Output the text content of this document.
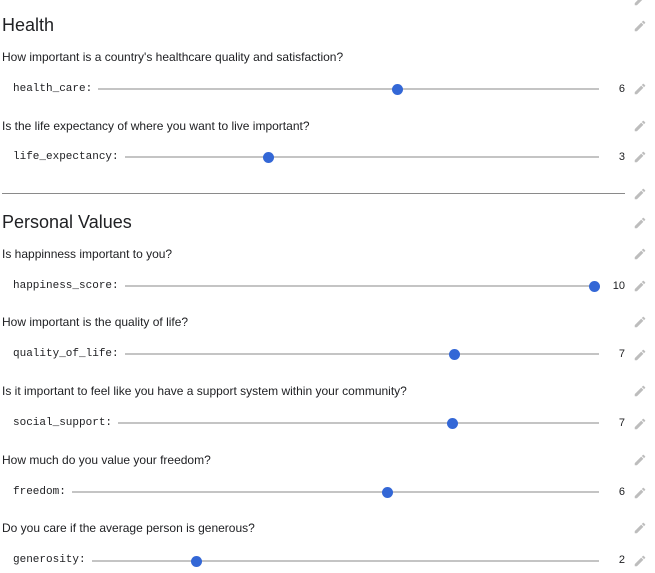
Health
How important is a country's healthcare quality and satisfaction?
health_care:	6
Is the life expectancy of where you want to live important?
life_expectancy:	3
Personal Values
Is happinness important to you?
happiness_score:	10
How important is the quality of life?
quality_of_life:	7
Is it important to feel like you have a support system within your community?
social_support:	7
How much do you value your freedom?
freedom:	6
Do you care if the average person is generous?
generosity:	2
